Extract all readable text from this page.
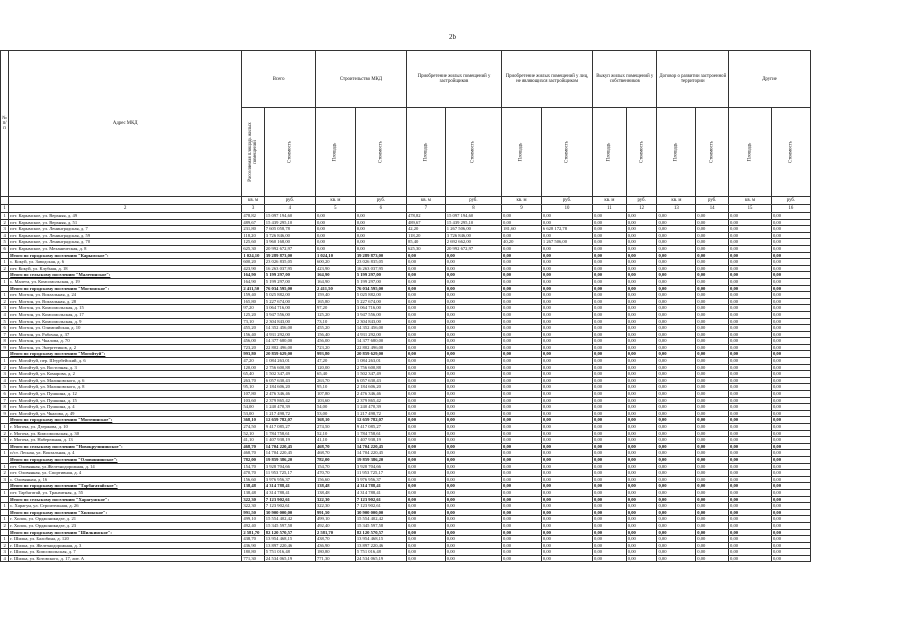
2b
№ п/п	Адрес МКД	Всего		Строительство МКД		Приобретение жилых помещений у застройщиков		Приобретение жилых помещений у лиц, не являющихся застройщиком		Выкуп жилых помещений у собственников		Договор о развитии застроенной территории		Другие	

		Расселяемая площадь жилых помещений	Стоимость	Площадь	Стоимость	Площадь	Стоимость	Площадь	Стоимость	Площадь	Стоимость	Площадь	Стоимость	Площадь	Стоимость

		кв. м	руб.	кв. м	руб.	кв. м	руб.	кв. м	руб.	кв. м	руб.	кв. м	руб.	кв. м	руб.
1	2	3	4	5	6	7	8	9	10	11	12	13	14	15	16
1	пгт. Карымское, ул. Верхняя, д. 49	478,82	15 097 194,60	0,00	0,00	478,82	15 097 194,60	0,00	0,00	0,00	0,00	0,00	0,00	0,00	0,00
2	пгт. Карымское, ул. Верхняя, д. 51	489,67	15 439 295,10	0,00	0,00	489,67	15 439 295,10	0,00	0,00	0,00	0,00	0,00	0,00	0,00	0,00
3	пгт. Карымское, ул. Ленинградская, д. 7	231,80	7 605 058,78	0,00	0,00	42,20	1 267 506,00	181,60	6 628 172,78	0,00	0,00	0,00	0,00	0,00	0,00
4	пгт. Карымское, ул. Ленинградская, д. 59	118,20	3 726 846,00	0,00	0,00	118,20	3 726 846,00	0,00	0,00	0,00	0,00	0,00	0,00	0,00	0,00
5	пгт. Карымское, ул. Ленинградская, д. 70	125,60	3 960 168,00	0,00	0,00	85,40	2 692 662,00	40,20	1 267 506,00	0,00	0,00	0,00	0,00	0,00	0,00
6	пгт. Карымское, ул. Механическая, д. 8	625,30	20 992 672,97	0,00	0,00	625,30	20 992 672,97	0,00	0,00	0,00	0,00	0,00	0,00	0,00	0,00
	Итого по городскому поселению "Карымское":	1 024,10	39 289 873,00	1 024,10	39 289 873,00	0,00	0,00	0,00	0,00	0,00	0,00	0,00	0,00	0,00	0,00
1	с. Кокуй, ул. Заводская, д. 6	600,20	23 026 835,05	600,20	23 026 835,05	0,00	0,00	0,00	0,00	0,00	0,00	0,00	0,00	0,00	0,00
2	пгт. Кокуй, ул. Клубная, д. 18	423,90	16 263 037,95	423,90	16 263 037,95	0,00	0,00	0,00	0,00	0,00	0,00	0,00	0,00	0,00	0,00
	Итого по сельскому поселению "Малетинское":	164,90	5 199 297,00	164,90	5 199 297,00	0,00	0,00	0,00	0,00	0,00	0,00	0,00	0,00	0,00	0,00
1	с. Малета, ул. Комсомольская, д. 19	164,90	5 199 297,00	164,90	5 199 297,00	0,00	0,00	0,00	0,00	0,00	0,00	0,00	0,00	0,00	0,00
	Итого по городскому поселению "Могзонское":	2 411,50	76 034 595,00	2 411,50	76 034 595,00	0,00	0,00	0,00	0,00	0,00	0,00	0,00	0,00	0,00	0,00
1	пгт. Могзон, ул. Вокзальная, д. 24	159,40	5 025 882,00	159,40	5 025 882,00	0,00	0,00	0,00	0,00	0,00	0,00	0,00	0,00	0,00	0,00
2	пгт. Могзон, ул. Вокзальная, д. 28	165,80	5 227 674,00	165,80	5 227 674,00	0,00	0,00	0,00	0,00	0,00	0,00	0,00	0,00	0,00	0,00
3	пгт. Могзон, ул. Комсомольская, д. 15	97,20	3 064 716,00	97,20	3 064 716,00	0,00	0,00	0,00	0,00	0,00	0,00	0,00	0,00	0,00	0,00
4	пгт. Могзон, ул. Комсомольская, д. 17	125,20	3 947 556,00	125,20	3 947 556,00	0,00	0,00	0,00	0,00	0,00	0,00	0,00	0,00	0,00	0,00
5	пгт. Могзон, ул. Комсомольская, д. 9	73,10	2 304 843,00	73,10	2 304 843,00	0,00	0,00	0,00	0,00	0,00	0,00	0,00	0,00	0,00	0,00
6	пгт. Могзон, ул. Олимпийская, д. 10	455,20	14 352 456,00	455,20	14 352 456,00	0,00	0,00	0,00	0,00	0,00	0,00	0,00	0,00	0,00	0,00
7	пгт. Могзон, ул. Рабочая, д. 37	156,40	4 931 292,00	156,40	4 931 292,00	0,00	0,00	0,00	0,00	0,00	0,00	0,00	0,00	0,00	0,00
8	пгт. Могзон, ул. Чкалова, д. 70	456,00	14 377 680,00	456,00	14 377 680,00	0,00	0,00	0,00	0,00	0,00	0,00	0,00	0,00	0,00	0,00
9	пгт. Могзон, ул. Энергетиков, д. 2	723,20	22 802 496,00	723,20	22 802 496,00	0,00	0,00	0,00	0,00	0,00	0,00	0,00	0,00	0,00	0,00
	Итого по городскому поселению "Могойтуй":	993,80	20 859 629,00	993,80	20 859 629,00	0,00	0,00	0,00	0,00	0,00	0,00	0,00	0,00	0,00	0,00
1	пгт. Могойтуй, пер. Штурбейский, д. 6	47,20	1 084 263,01	47,20	1 084 263,01	0,00	0,00	0,00	0,00	0,00	0,00	0,00	0,00	0,00	0,00
2	пгт. Могойтуй, ул. Восточная, д. 3	120,00	2 756 600,88	120,00	2 756 600,88	0,00	0,00	0,00	0,00	0,00	0,00	0,00	0,00	0,00	0,00
3	пгт. Могойтуй, ул. Комарова, д. 2	65,40	1 502 347,49	65,40	1 502 347,49	0,00	0,00	0,00	0,00	0,00	0,00	0,00	0,00	0,00	0,00
4	пгт. Могойтуй, ул. Малиновского, д. 6	263,70	6 057 630,43	263,70	6 057 630,43	0,00	0,00	0,00	0,00	0,00	0,00	0,00	0,00	0,00	0,00
5	пгт. Могойтуй, ул. Малиновского, д. 8	95,10	2 184 606,20	95,10	2 184 606,20	0,00	0,00	0,00	0,00	0,00	0,00	0,00	0,00	0,00	0,00
6	пгт. Могойтуй, ул. Пушкина, д. 12	107,80	2 476 346,46	107,80	2 476 346,46	0,00	0,00	0,00	0,00	0,00	0,00	0,00	0,00	0,00	0,00
7	пгт. Могойтуй, ул. Пушкина, д. 15	103,60	2 379 865,42	103,60	2 379 865,42	0,00	0,00	0,00	0,00	0,00	0,00	0,00	0,00	0,00	0,00
8	пгт. Могойтуй, ул. Пушкина, д. 4	54,00	1 240 470,39	54,00	1 240 470,39	0,00	0,00	0,00	0,00	0,00	0,00	0,00	0,00	0,00	0,00
9	пгт. Могойтуй, ул. Чкалова, д. 49	53,00	1 217 498,72	53,00	1 217 498,72	0,00	0,00	0,00	0,00	0,00	0,00	0,00	0,00	0,00	0,00
	Итого по городскому поселению "Могочинское":	368,10	12 659 782,07	368,10	12 659 782,07	0,00	0,00	0,00	0,00	0,00	0,00	0,00	0,00	0,00	0,00
1	г. Могоча, ул. Дзержова, д. 10	274,50	9 417 085,27	274,50	9 417 085,27	0,00	0,00	0,00	0,00	0,00	0,00	0,00	0,00	0,00	0,00
2	г. Могоча, ул. Комсомольская, д. 30	52,10	1 784 758,61	52,10	1 784 758,61	0,00	0,00	0,00	0,00	0,00	0,00	0,00	0,00	0,00	0,00
3	г. Могоча, ул. Набережная, д. 13	41,10	1 407 938,19	41,10	1 407 938,19	0,00	0,00	0,00	0,00	0,00	0,00	0,00	0,00	0,00	0,00
	Итого по сельскому поселению "Новокручининское":	468,70	14 704 220,45	468,70	14 704 220,45	0,00	0,00	0,00	0,00	0,00	0,00	0,00	0,00	0,00	0,00
1	п/ст. Лесная, ул. Вокзальная, д. 4	468,70	14 704 220,45	468,70	14 704 220,45	0,00	0,00	0,00	0,00	0,00	0,00	0,00	0,00	0,00	0,00
	Итого по городскому поселению "Оловяннинское":	782,00	19 859 386,20	782,00	19 859 386,20	0,00	0,00	0,00	0,00	0,00	0,00	0,00	0,00	0,00	0,00
1	пгт. Оловянная, ул.Железнодорожная, д. 14	154,70	3 928 704,66	154,70	3 928 704,66	0,00	0,00	0,00	0,00	0,00	0,00	0,00	0,00	0,00	0,00
2	пгт. Оловянная, ул. Спортивная, д. 4	470,70	11 953 725,17	470,70	11 953 725,17	0,00	0,00	0,00	0,00	0,00	0,00	0,00	0,00	0,00	0,00
3	с. Оловянная, д. 16	156,60	3 976 956,37	156,60	3 976 956,37	0,00	0,00	0,00	0,00	0,00	0,00	0,00	0,00	0,00	0,00
	Итого по городскому поселению "Тарбагатайское":	138,48	4 314 788,41	138,48	4 314 788,41	0,00	0,00	0,00	0,00	0,00	0,00	0,00	0,00	0,00	0,00
1	пгт. Тарбагатай, ул. Транзитная, д. 55	138,48	4 314 788,41	138,48	4 314 788,41	0,00	0,00	0,00	0,00	0,00	0,00	0,00	0,00	0,00	0,00
	Итого по сельскому поселению "Харагунское":	322,30	7 123 902,61	322,30	7 123 902,61	0,00	0,00	0,00	0,00	0,00	0,00	0,00	0,00	0,00	0,00
1	с. Харагун, ул. Строительная, д. 26	322,30	7 123 902,61	322,30	7 123 902,61	0,00	0,00	0,00	0,00	0,00	0,00	0,00	0,00	0,00	0,00
	Итого по городскому поселению "Хилокское":	991,50	30 900 000,00	991,50	30 900 000,00	0,00	0,00	0,00	0,00	0,00	0,00	0,00	0,00	0,00	0,00
1	г. Хилок, ул. Орджоникидзе, д. 21	499,10	15 554 402,42	499,10	15 554 402,42	0,00	0,00	0,00	0,00	0,00	0,00	0,00	0,00	0,00	0,00
2	г. Хилок, ул. Орджоникидзе, д. 23	492,40	15 345 597,58	492,40	15 345 597,58	0,00	0,00	0,00	0,00	0,00	0,00	0,00	0,00	0,00	0,00
	Итого по городскому поселению "Шилкинское":	2 581,70	82 120 570,57	2 581,70	82 120 570,57	0,00	0,00	0,00	0,00	0,00	0,00	0,00	0,00	0,00	0,00
1	г. Шилка, ул. Балобина, д. 120	438,70	13 954 468,15	438,70	13 954 468,15	0,00	0,00	0,00	0,00	0,00	0,00	0,00	0,00	0,00	0,00
2	г. Шилка, ул. Железнодорожная, д. 3	436,90	13 897 220,46	436,90	13 897 220,46	0,00	0,00	0,00	0,00	0,00	0,00	0,00	0,00	0,00	0,00
3	г. Шилка, ул. Комсомольская, д. 7	180,80	5 751 016,48	180,80	5 751 016,48	0,00	0,00	0,00	0,00	0,00	0,00	0,00	0,00	0,00	0,00
4	г. Шилка, ул. Котовского, д. 17, лит. А	771,30	24 534 065,19	771,30	24 534 065,19	0,00	0,00	0,00	0,00	0,00	0,00	0,00	0,00	0,00	0,00
